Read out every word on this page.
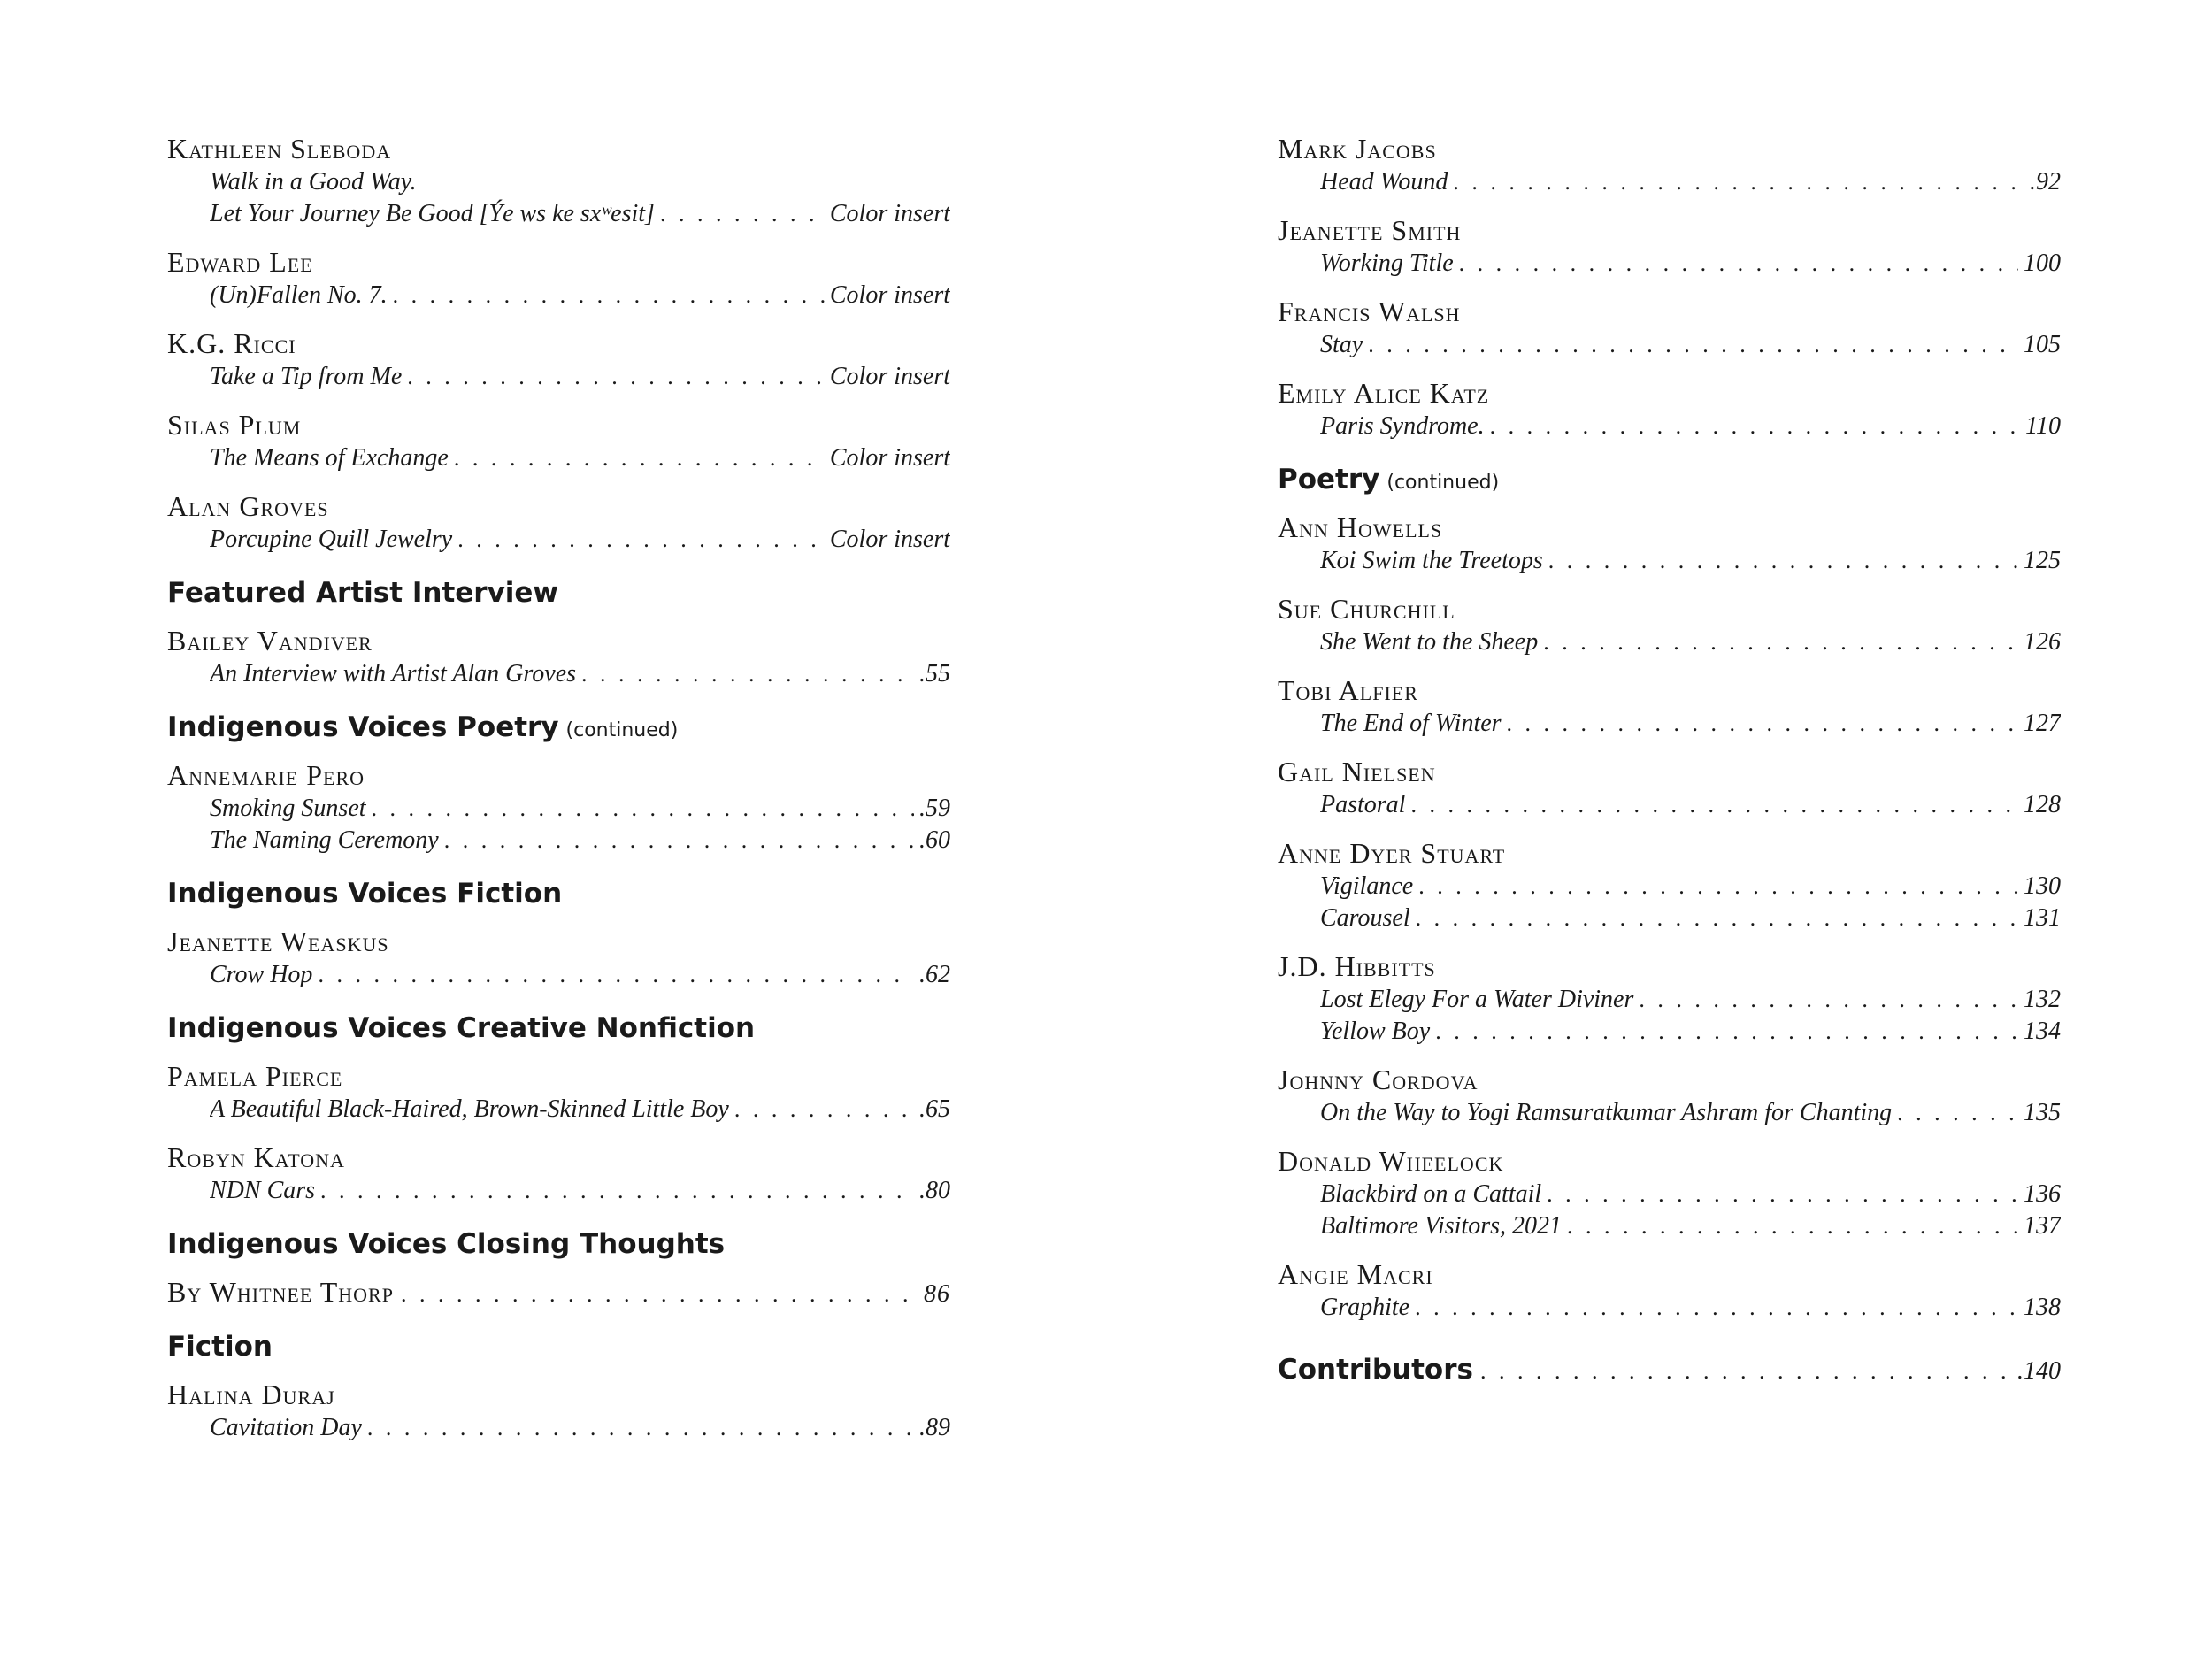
Kathleen Sleboda
Walk in a Good Way.
Let Your Journey Be Good [Ýe ws ke sxʷesit] . . .	Color insert
Edward Lee
(Un)Fallen No. 7. . . .	Color insert
K.G. Ricci
Take a Tip from Me . . .	Color insert
Silas Plum
The Means of Exchange . . .	Color insert
Alan Groves
Porcupine Quill Jewelry . . .	Color insert
Featured Artist Interview
Bailey Vandiver
An Interview with Artist Alan Groves . . .	.55
Indigenous Voices Poetry (continued)
Annemarie Pero
Smoking Sunset . . .	.59
The Naming Ceremony . . .	.60
Indigenous Voices Fiction
Jeanette Weaskus
Crow Hop . . .	.62
Indigenous Voices Creative Nonfiction
Pamela Pierce
A Beautiful Black-Haired, Brown-Skinned Little Boy . . .	.65
Robyn Katona
NDN Cars . . .	.80
Indigenous Voices Closing Thoughts
By Whitnee Thorp . . .	86
Fiction
Halina Duraj
Cavitation Day . . .	.89
Mark Jacobs
Head Wound . . .	.92
Jeanette Smith
Working Title . . .	100
Francis Walsh
Stay . . .	105
Emily Alice Katz
Paris Syndrome. . . .	110
Poetry (continued)
Ann Howells
Koi Swim the Treetops . . .	125
Sue Churchill
She Went to the Sheep . . .	126
Tobi Alfier
The End of Winter . . .	127
Gail Nielsen
Pastoral . . .	128
Anne Dyer Stuart
Vigilance . . .	130
Carousel . . .	131
J.D. Hibbitts
Lost Elegy For a Water Diviner . . .	132
Yellow Boy . . .	134
Johnny Cordova
On the Way to Yogi Ramsuratkumar Ashram for Chanting . . .	135
Donald Wheelock
Blackbird on a Cattail . . .	136
Baltimore Visitors, 2021 . . .	137
Angie Macri
Graphite . . .	138
Contributors . . .	.140
